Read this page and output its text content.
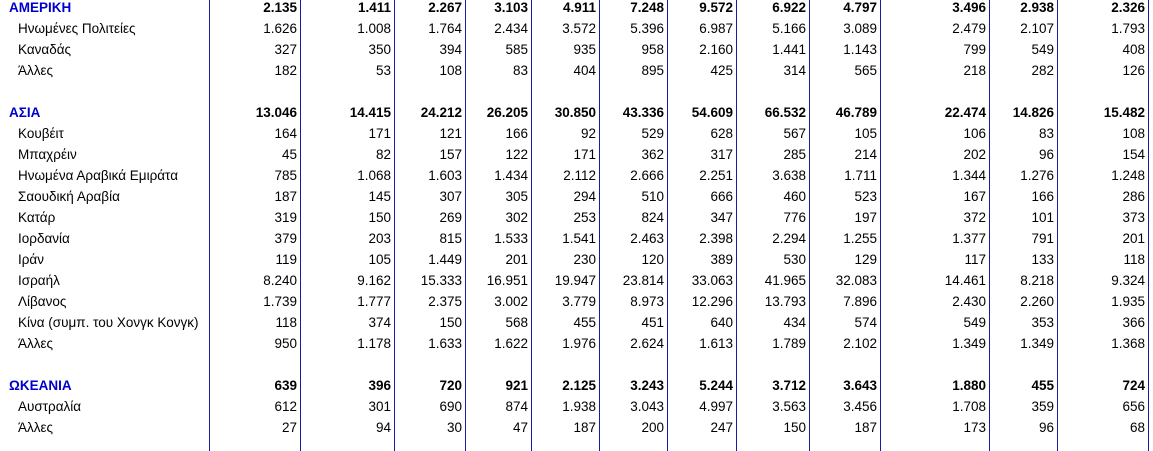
ΑΜΕΡΙΚΗ	2.135	1.411	2.267	3.103	4.911	7.248	9.572	6.922	4.797	3.496	2.938	2.326
Ηνωμένες Πολιτείες	1.626	1.008	1.764	2.434	3.572	5.396	6.987	5.166	3.089	2.479	2.107	1.793
Καναδάς	327	350	394	585	935	958	2.160	1.441	1.143	799	549	408
Άλλες	182	53	108	83	404	895	425	314	565	218	282	126
ΑΣΙΑ	13.046	14.415	24.212	26.205	30.850	43.336	54.609	66.532	46.789	22.474	14.826	15.482
Κουβέιτ	164	171	121	166	92	529	628	567	105	106	83	108
Μπαχρέιν	45	82	157	122	171	362	317	285	214	202	96	154
Ηνωμένα Αραβικά Εμιράτα	785	1.068	1.603	1.434	2.112	2.666	2.251	3.638	1.711	1.344	1.276	1.248
Σαουδική Αραβία	187	145	307	305	294	510	666	460	523	167	166	286
Κατάρ	319	150	269	302	253	824	347	776	197	372	101	373
Ιορδανία	379	203	815	1.533	1.541	2.463	2.398	2.294	1.255	1.377	791	201
Ιράν	119	105	1.449	201	230	120	389	530	129	117	133	118
Ισραήλ	8.240	9.162	15.333	16.951	19.947	23.814	33.063	41.965	32.083	14.461	8.218	9.324
Λίβανος	1.739	1.777	2.375	3.002	3.779	8.973	12.296	13.793	7.896	2.430	2.260	1.935
Κίνα (συμπ. του Χονγκ Κονγκ)	118	374	150	568	455	451	640	434	574	549	353	366
Άλλες	950	1.178	1.633	1.622	1.976	2.624	1.613	1.789	2.102	1.349	1.349	1.368
ΩΚΕΑΝΙΑ	639	396	720	921	2.125	3.243	5.244	3.712	3.643	1.880	455	724
Αυστραλία	612	301	690	874	1.938	3.043	4.997	3.563	3.456	1.708	359	656
Άλλες	27	94	30	47	187	200	247	150	187	173	96	68
